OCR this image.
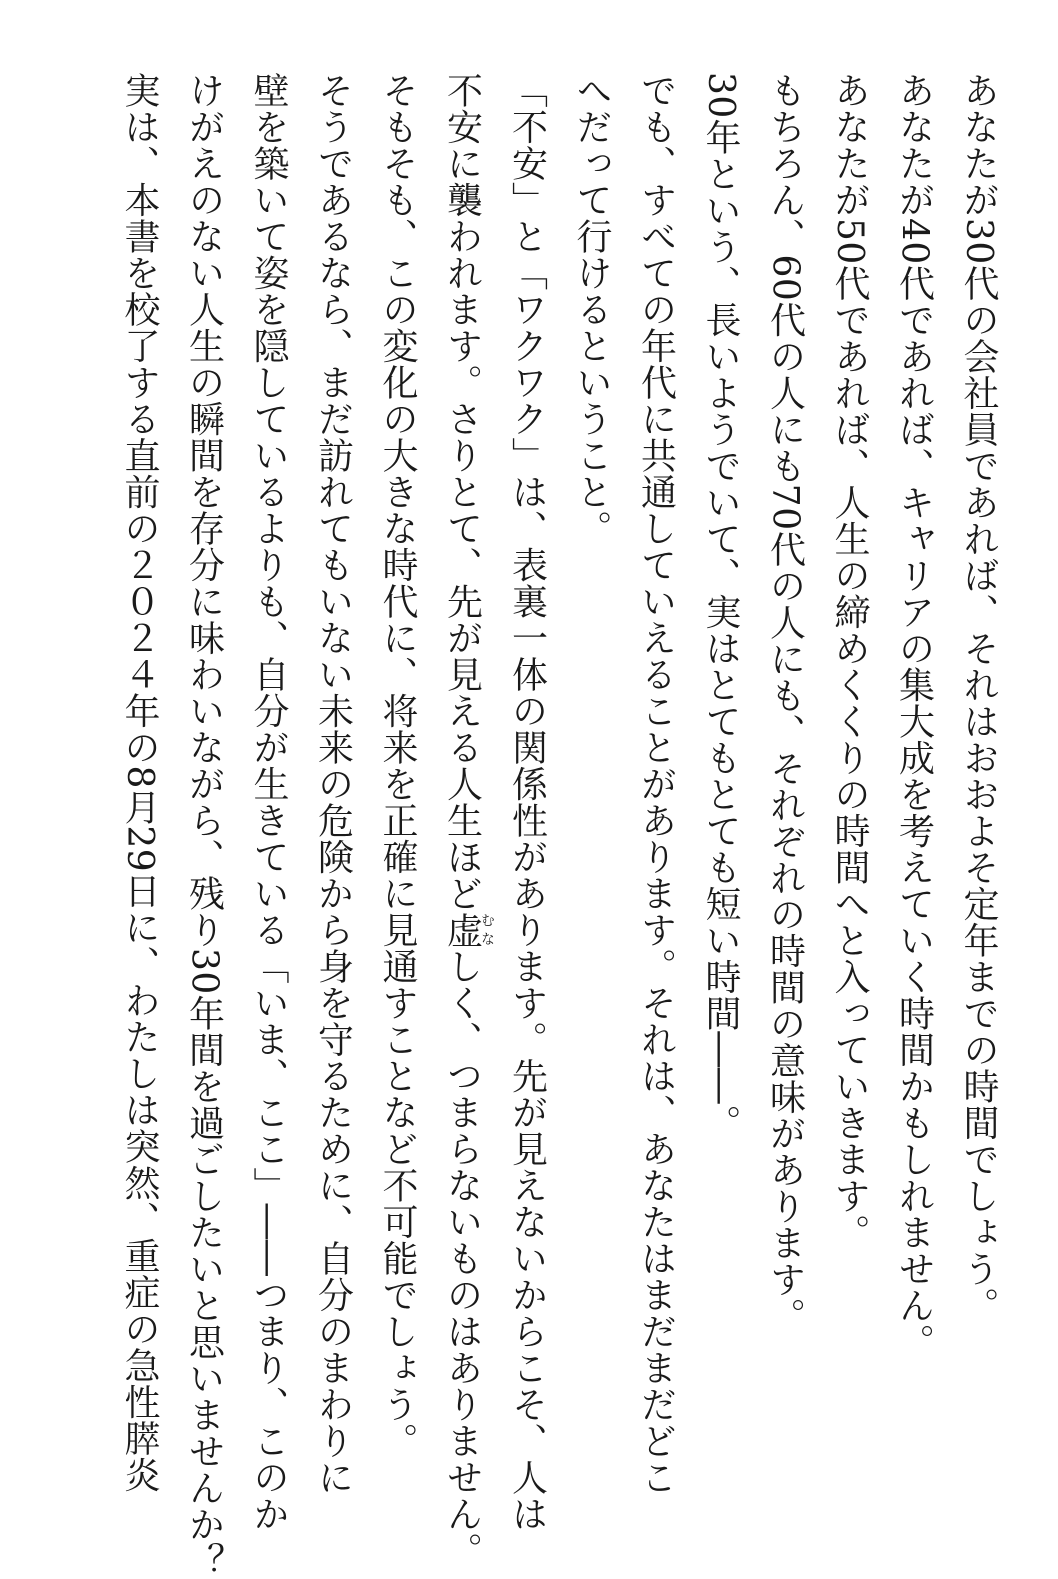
あなたが30代の会社員であれば、それはおおよそ定年までの時間でしょう。

あなたが40代であれば、キャリアの集大成を考えていく時間かもしれません。

あなたが50代であれば、人生の締めくくりの時間へと入っていきます。

もちろん、60代の人にも70代の人にも、それぞれの時間の意味があります。

30年という、長いようでいて、実はとてもとても短い時間――。

でも、すべての年代に共通していえることがあります。それは、あなたはまだまだどこ

へだって行けるということ。

「不安」と「ワクワク」は、表裏一体の関係性があります。先が見えないからこそ、人は

不安に襲われます。さりとて、先が見える人生ほど虚むなしく、つまらないものはありません。

そもそも、この変化の大きな時代に、将来を正確に見通すことなど不可能でしょう。

そうであるなら、まだ訪れてもいない未来の危険から身を守るために、自分のまわりに

壁を築いて姿を隠しているよりも、自分が生きている「いま、ここ」――つまり、このか

けがえのない人生の瞬間を存分に味わいながら、残り30年間を過ごしたいと思いませんか？

実は、本書を校了する直前の２０２４年の8月29日に、わたしは突然、重症の急性膵炎
